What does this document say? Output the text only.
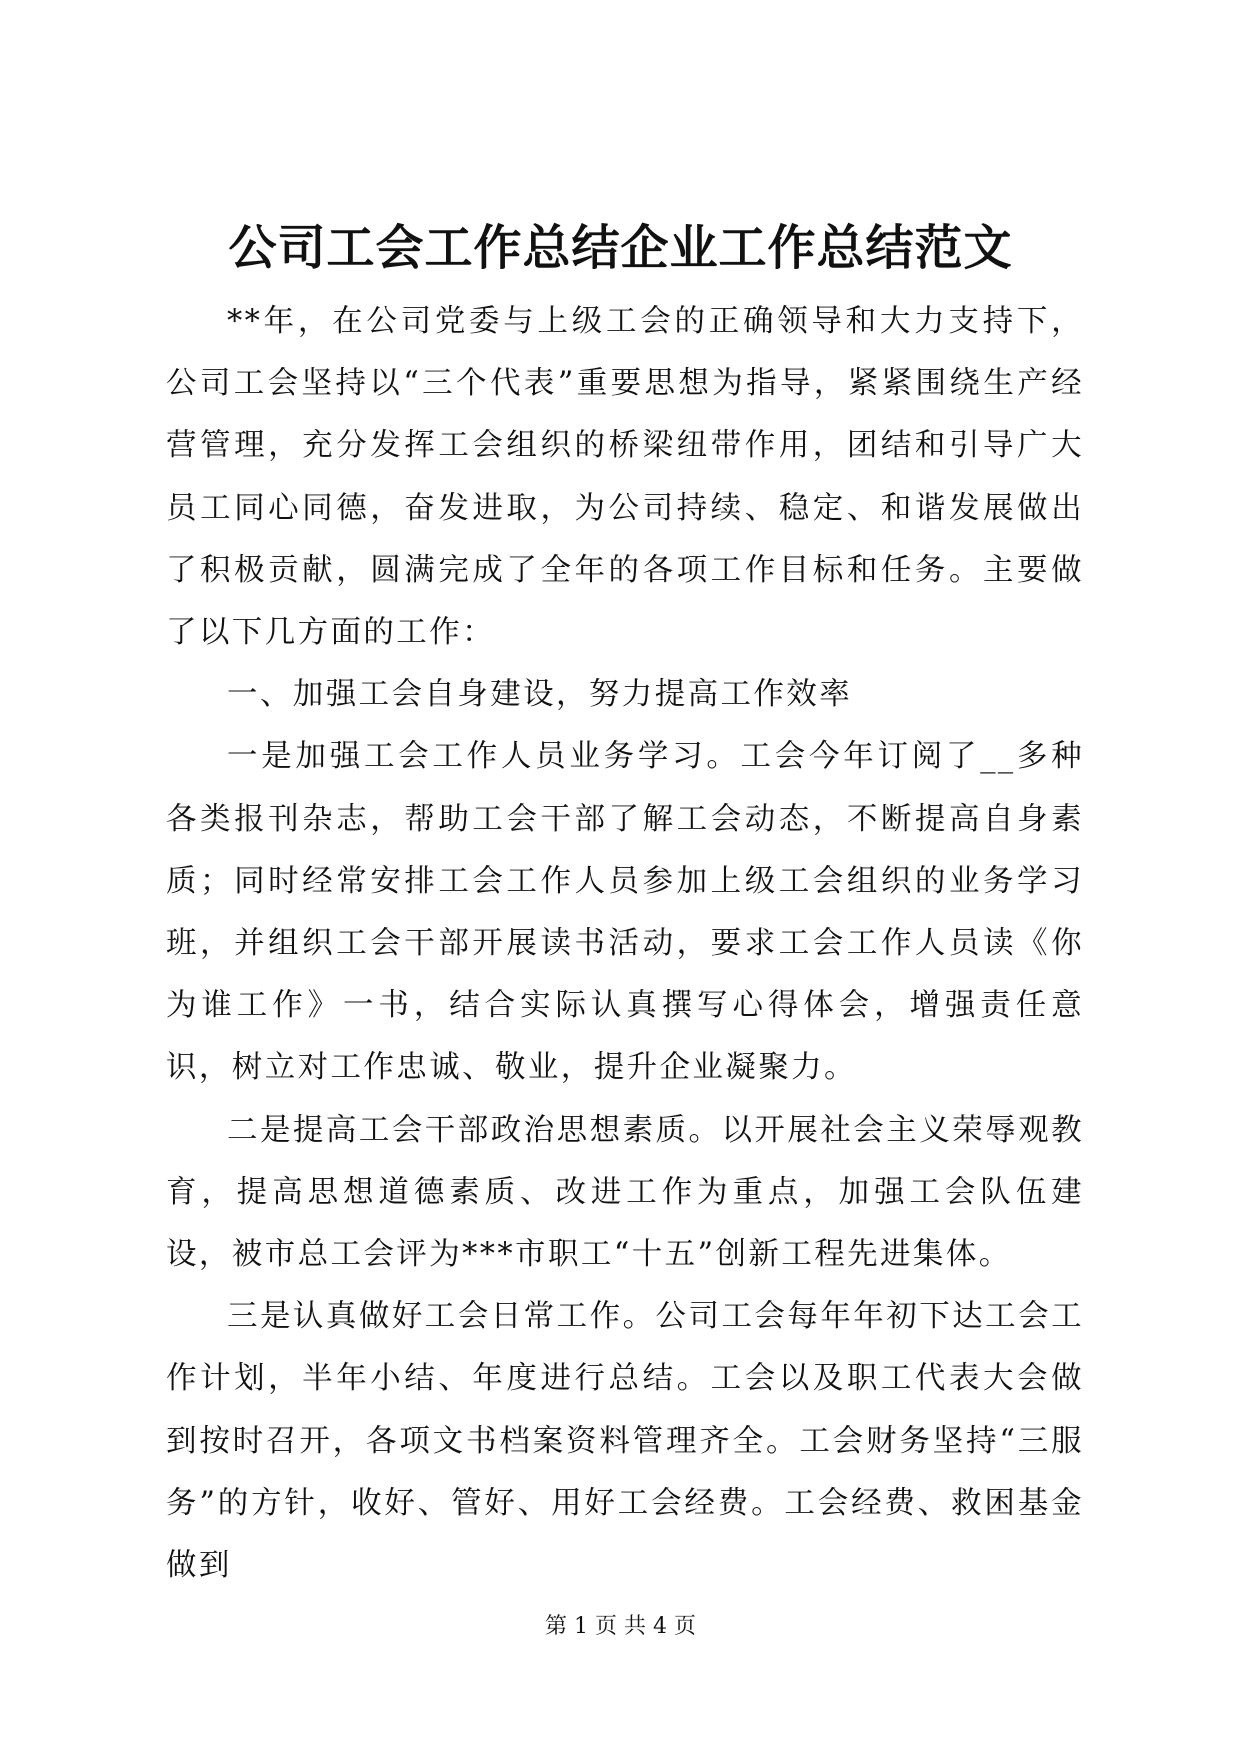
公司工会工作总结企业工作总结范文

**年，在公司党委与上级工会的正确领导和大力支持下，公司工会坚持以“三个代表”重要思想为指导，紧紧围绕生产经营管理，充分发挥工会组织的桥梁纽带作用，团结和引导广大员工同心同德，奋发进取，为公司持续、稳定、和谐发展做出了积极贡献，圆满完成了全年的各项工作目标和任务。主要做了以下几方面的工作：

一、加强工会自身建设，努力提高工作效率

一是加强工会工作人员业务学习。工会今年订阅了__多种各类报刊杂志，帮助工会干部了解工会动态，不断提高自身素质；同时经常安排工会工作人员参加上级工会组织的业务学习班，并组织工会干部开展读书活动，要求工会工作人员读《你为谁工作》一书，结合实际认真撰写心得体会，增强责任意识，树立对工作忠诚、敬业，提升企业凝聚力。

二是提高工会干部政治思想素质。以开展社会主义荣辱观教育，提高思想道德素质、改进工作为重点，加强工会队伍建设，被市总工会评为***市职工“十五”创新工程先进集体。

三是认真做好工会日常工作。公司工会每年年初下达工会工作计划，半年小结、年度进行总结。工会以及职工代表大会做到按时召开，各项文书档案资料管理齐全。工会财务坚持“三服务”的方针，收好、管好、用好工会经费。工会经费、救困基金做到

第 1 页 共 4 页
